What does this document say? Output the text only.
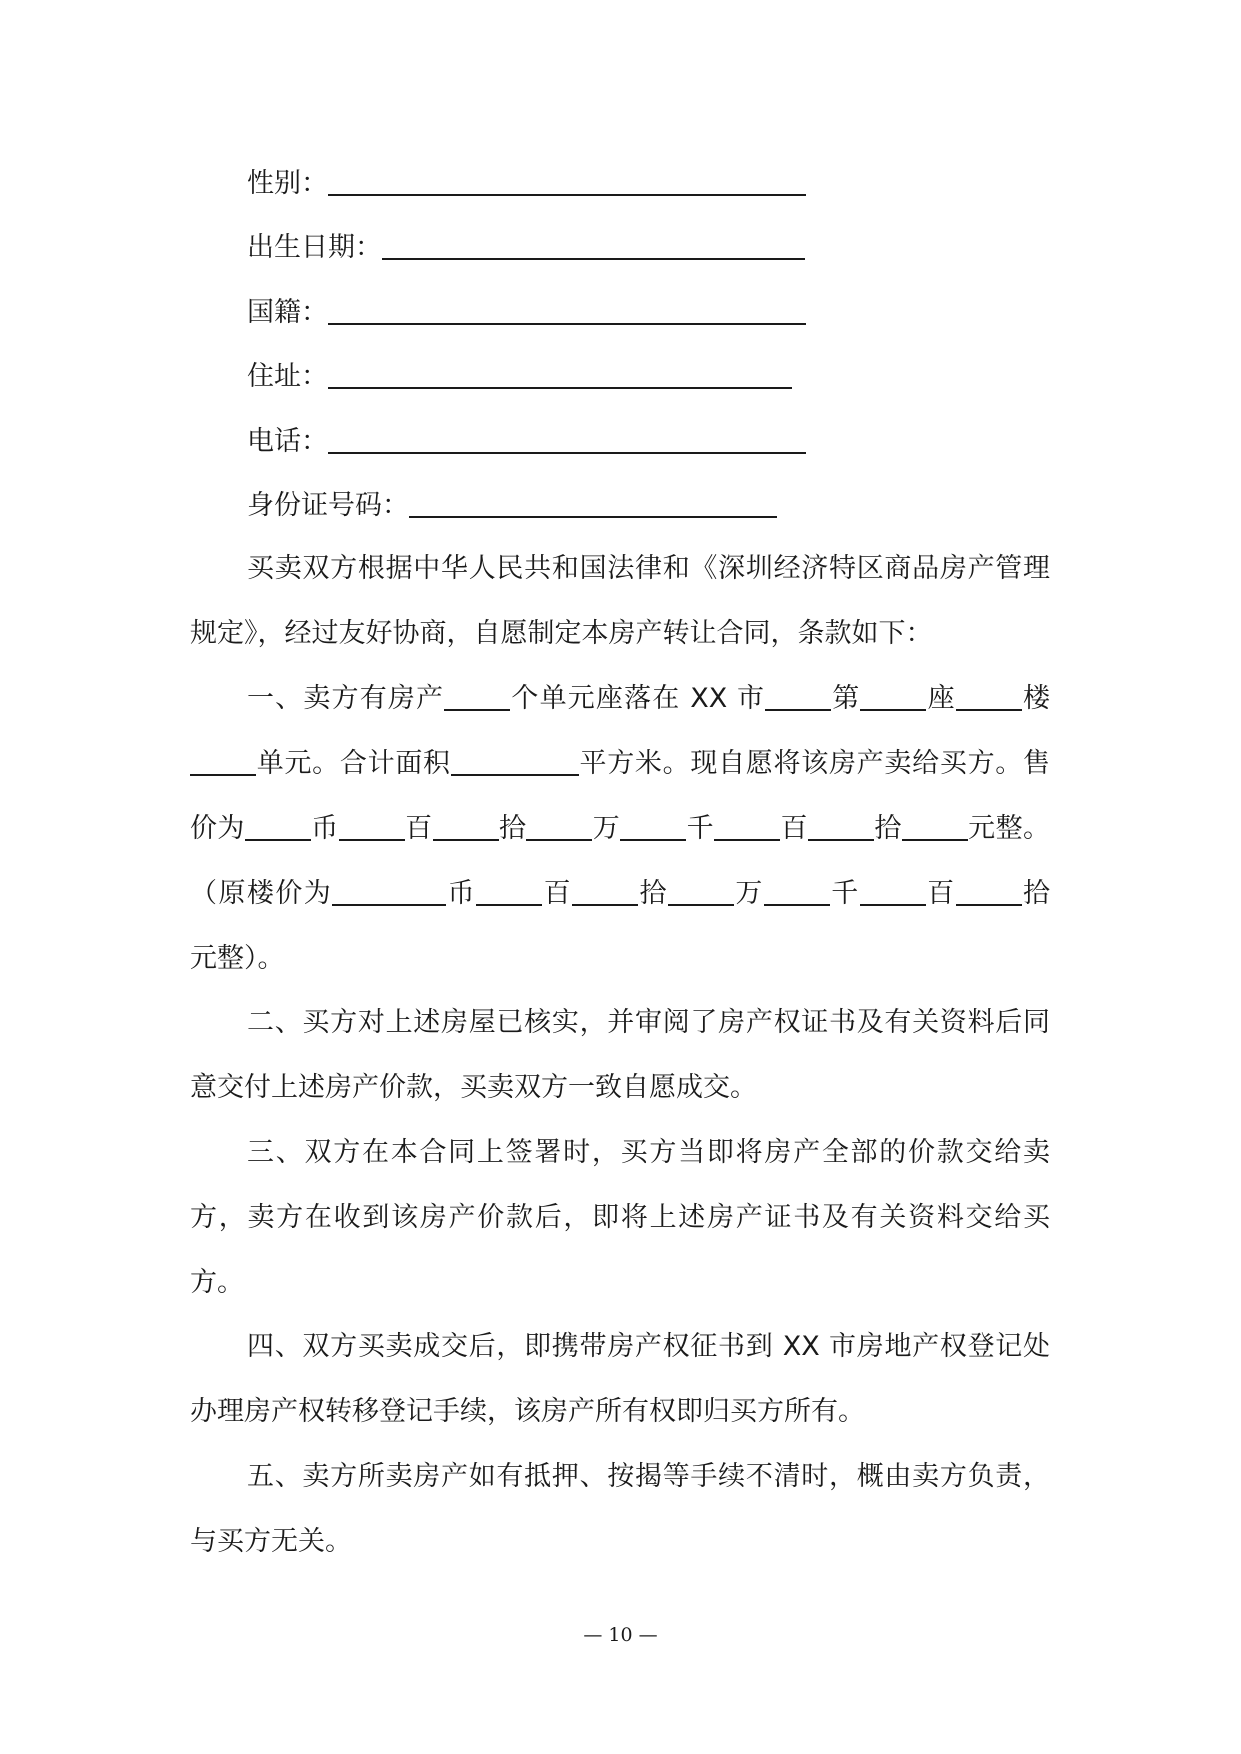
性别：
出生日期：
国籍：
住址：
电话：
身份证号码：

买卖双方根据中华人民共和国法律和《深圳经济特区商品房产管理规定》，经过友好协商，自愿制定本房产转让合同，条款如下：

一、卖方有房产 个单元座落在 XX 市 第 座 楼单元。合计面积	平方米。现自愿将该房产卖给买方。售价为 币 百 拾 万 千 百 拾 元整。（原楼价为	币 百 拾 万 千 百 拾元整）。

二、买方对上述房屋已核实，并审阅了房产权证书及有关资料后同意交付上述房产价款，买卖双方一致自愿成交。

三、双方在本合同上签署时，买方当即将房产全部的价款交给卖方，卖方在收到该房产价款后，即将上述房产证书及有关资料交给买方。

四、双方买卖成交后，即携带房产权征书到 XX 市房地产权登记处办理房产权转移登记手续，该房产所有权即归买方所有。

五、卖方所卖房产如有抵押、按揭等手续不清时，概由卖方负责，与买方无关。

— 10 —
